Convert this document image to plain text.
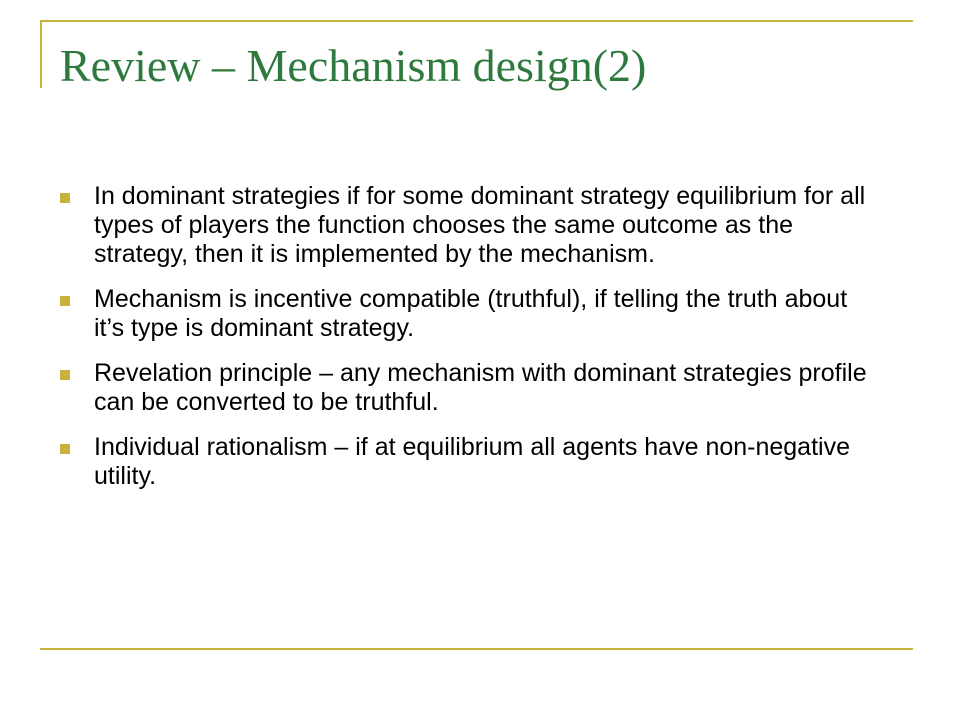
Review – Mechanism design(2)
In dominant strategies if for some dominant strategy equilibrium for all types of players the function chooses the same outcome as the strategy, then it is implemented by the mechanism.
Mechanism is incentive compatible (truthful), if telling the truth about it’s type is dominant strategy.
Revelation principle – any mechanism with dominant strategies profile can be converted to be truthful.
Individual rationalism – if at equilibrium all agents have non-negative utility.
